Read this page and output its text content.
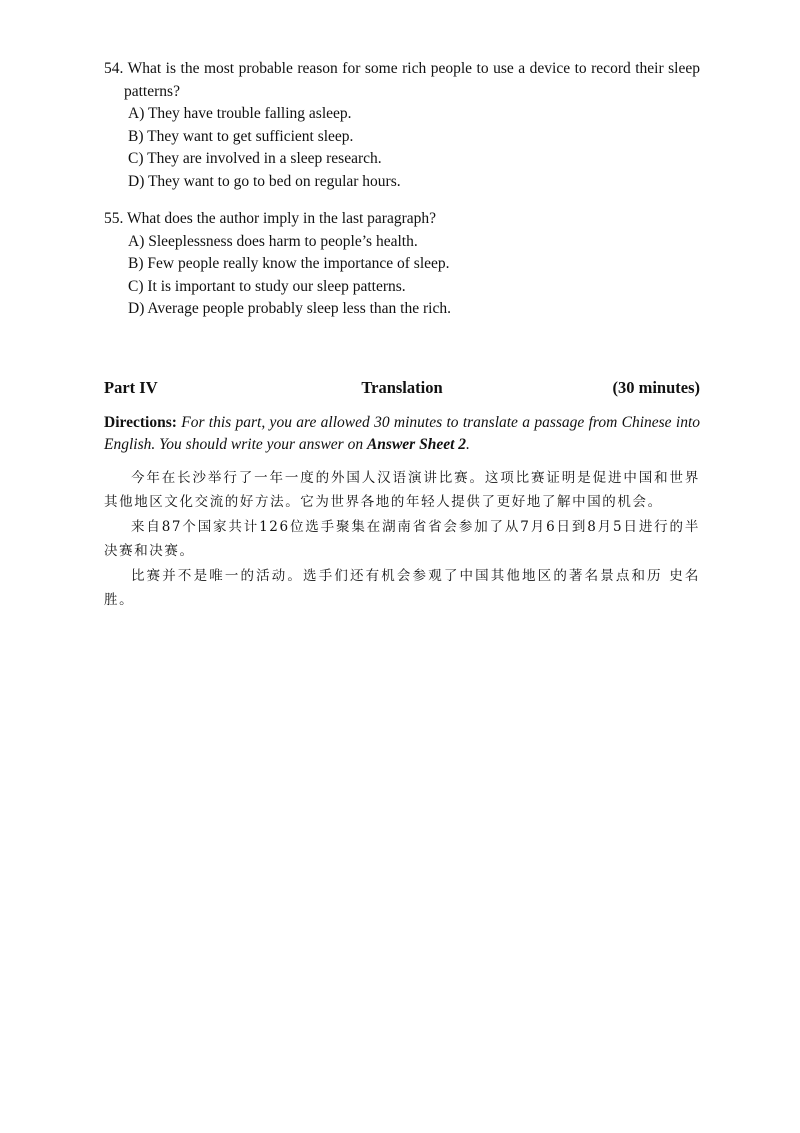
54. What is the most probable reason for some rich people to use a device to record their sleep patterns?
A) They have trouble falling asleep.
B) They want to get sufficient sleep.
C) They are involved in a sleep research.
D) They want to go to bed on regular hours.
55. What does the author imply in the last paragraph?
A) Sleeplessness does harm to people’s health.
B) Few people really know the importance of sleep.
C) It is important to study our sleep patterns.
D) Average people probably sleep less than the rich.
Part IV	Translation	(30 minutes)
Directions: For this part, you are allowed 30 minutes to translate a passage from Chinese into English. You should write your answer on Answer Sheet 2.

今年在长沙举行了一年一度的外国人汉语演讲比赛。这项比赛证明是促进中国和世界其他地区文化交流的好方法。它为世界各地的年轻人提供了更好地了解中国的机会。

来自87个国家共计126位选手聚集在湖南省省会参加了从7月6日到8月5日进行的半决赛和决赛。

比赛并不是唯一的活动。选手们还有机会参观了中国其他地区的著名景点和历 史名胜。
